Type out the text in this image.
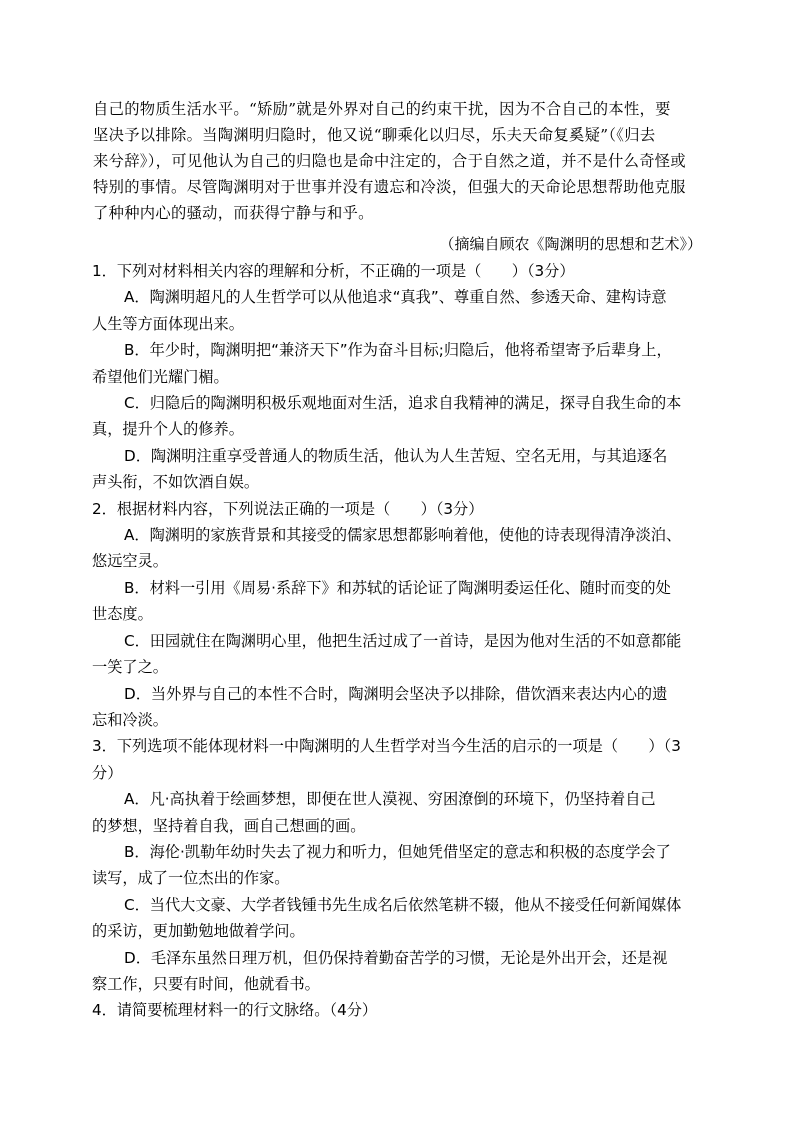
自己的物质生活水平。“矫励”就是外界对自己的约束干扰，因为不合自己的本性，要

坚决予以排除。当陶渊明归隐时，他又说“聊乘化以归尽，乐夫天命复奚疑”（《归去

来兮辞》），可见他认为自己的归隐也是命中注定的，合于自然之道，并不是什么奇怪或

特别的事情。尽管陶渊明对于世事并没有遗忘和冷淡，但强大的天命论思想帮助他克服

了种种内心的骚动，而获得宁静与和乎。

（摘编自顾农《陶渊明的思想和艺术》）

1．下列对材料相关内容的理解和分析，不正确的一项是（　　）（3分）

A．陶渊明超凡的人生哲学可以从他追求“真我”、尊重自然、参透天命、建构诗意
人生等方面体现出来。

B．年少时，陶渊明把“兼济天下”作为奋斗目标;归隐后，他将希望寄予后辈身上，
希望他们光耀门楣。

C．归隐后的陶渊明积极乐观地面对生活，追求自我精神的满足，探寻自我生命的本
真，提升个人的修养。

D．陶渊明注重享受普通人的物质生活，他认为人生苦短、空名无用，与其追逐名
声头衔，不如饮酒自娱。

2．根据材料内容，下列说法正确的一项是（　　）（3分）

A．陶渊明的家族背景和其接受的儒家思想都影响着他，使他的诗表现得清净淡泊、
悠远空灵。

B．材料一引用《周易·系辞下》和苏轼的话论证了陶渊明委运任化、随时而变的处
世态度。

C．田园就住在陶渊明心里，他把生活过成了一首诗，是因为他对生活的不如意都能
一笑了之。

D．当外界与自己的本性不合时，陶渊明会坚决予以排除，借饮酒来表达内心的遗
忘和冷淡。

3．下列选项不能体现材料一中陶渊明的人生哲学对当今生活的启示的一项是（　　）（3

分）

A．凡·高执着于绘画梦想，即便在世人漠视、穷困潦倒的环境下，仍坚持着自己
的梦想，坚持着自我，画自己想画的画。

B．海伦·凯勒年幼时失去了视力和听力，但她凭借坚定的意志和积极的态度学会了
读写，成了一位杰出的作家。

C．当代大文豪、大学者钱锺书先生成名后依然笔耕不辍，他从不接受任何新闻媒体
的采访，更加勤勉地做着学问。

D．毛泽东虽然日理万机，但仍保持着勤奋苦学的习惯，无论是外出开会，还是视
察工作，只要有时间，他就看书。

4．请简要梳理材料一的行文脉络。（4分）
